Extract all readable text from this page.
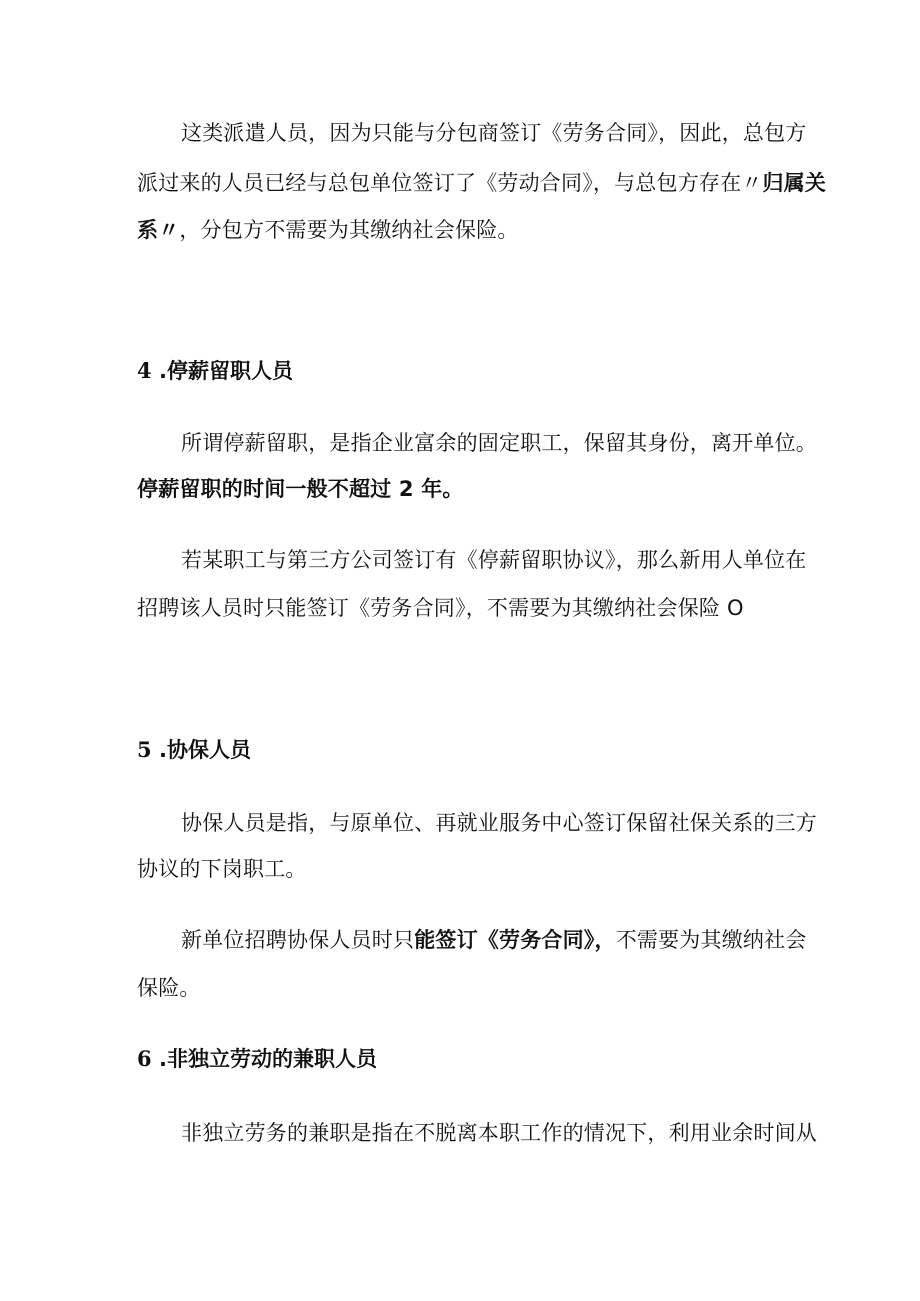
这类派遣人员，因为只能与分包商签订《劳务合同》，因此，总包方
派过来的人员已经与总包单位签订了《劳动合同》，与总包方存在〃归属关
系〃，分包方不需要为其缴纳社会保险。
4 .停薪留职人员
所谓停薪留职，是指企业富余的固定职工，保留其身份，离开单位。
停薪留职的时间一般不超过 2 年。
若某职工与第三方公司签订有《停薪留职协议》，那么新用人单位在
招聘该人员时只能签订《劳务合同》，不需要为其缴纳社会保险 O
5 .协保人员
协保人员是指，与原单位、再就业服务中心签订保留社保关系的三方
协议的下岗职工。
新单位招聘协保人员时只能签订《劳务合同》，不需要为其缴纳社会
保险。
6 .非独立劳动的兼职人员
非独立劳务的兼职是指在不脱离本职工作的情况下，利用业余时间从
